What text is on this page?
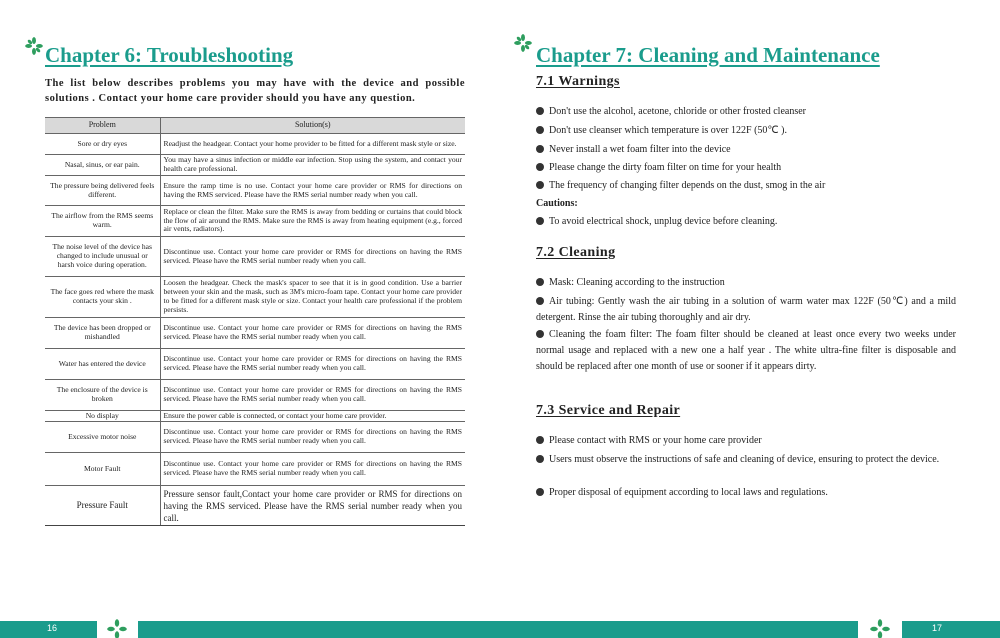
Chapter 6: Troubleshooting
The list below describes problems you may have with the device and possible solutions . Contact your home care provider should you have any question.
Problem	Solution(s)
Sore or dry eyes	Readjust the headgear. Contact your home provider to be fitted for a different mask style or size.
Nasal, sinus, or ear pain.	You may have a sinus infection or middle ear infection. Stop using the system, and contact your health care professional.
The pressure being delivered feels different.	Ensure the ramp time is no use. Contact your home care provider or RMS for directions on having the RMS serviced. Please have the RMS serial number ready when you call.
The airflow from the RMS seems warm.	Replace or clean the filter. Make sure the RMS is away from bedding or curtains that could block the flow of air around the RMS. Make sure the RMS is away from heating equipment (e.g., forced air vents, radiators).
The noise level of the device has changed to include unusual or harsh voice during operation.	Discontinue use. Contact your home care provider or RMS for directions on having the RMS serviced. Please have the RMS serial number ready when you call.
The face goes red where the mask contacts your skin .	Loosen the headgear. Check the mask's spacer to see that it is in good condition. Use a barrier between your skin and the mask, such as 3M's micro-foam tape. Contact your home care provider to be fitted for a different mask style or size. Contact your health care professional if the problem persists.
The device has been dropped or mishandled	Discontinue use. Contact your home care provider or RMS for directions on having the RMS serviced. Please have the RMS serial number ready when you call.
Water has entered the device	Discontinue use. Contact your home care provider or RMS for directions on having the RMS serviced. Please have the RMS serial number ready when you call.
The enclosure of the device is broken	Discontinue use. Contact your home care provider or RMS for directions on having the RMS serviced. Please have the RMS serial number ready when you call.
No display	Ensure the power cable is connected, or contact your home care provider.
Excessive motor noise	Discontinue use. Contact your home care provider or RMS for directions on having the RMS serviced. Please have the RMS serial number ready when you call.
Motor Fault	Discontinue use. Contact your home care provider or RMS for directions on having the RMS serviced. Please have the RMS serial number ready when you call.
Pressure Fault	Pressure sensor fault,Contact your home care provider or RMS for directions on having the RMS serviced. Please have the RMS serial number ready when you call.
Chapter 7: Cleaning and Maintenance
7.1 Warnings
Don't use the alcohol, acetone, chloride or other frosted cleanser
Don't use cleanser which temperature is over 122F (50℃ ).
Never install a wet foam filter into the device
Please change the dirty foam filter on time for your health
The frequency of changing filter depends on the dust, smog in the air
Cautions:
To avoid electrical shock, unplug device before cleaning.
7.2 Cleaning
Mask: Cleaning according to the instruction
Air tubing: Gently wash the air tubing in a solution of warm water max 122F (50℃) and a mild detergent. Rinse the air tubing thoroughly and air dry.
Cleaning the foam filter: The foam filter should be cleaned at least once every two weeks under normal usage and replaced with a new one a half year . The white ultra-fine filter is disposable and should be replaced after one month of use or sooner if it appears dirty.
7.3 Service and Repair
Please contact with RMS or your home care provider
Users must observe the instructions of safe and cleaning of device, ensuring to protect the device.
Proper disposal of equipment according to local laws and regulations.
16	17
